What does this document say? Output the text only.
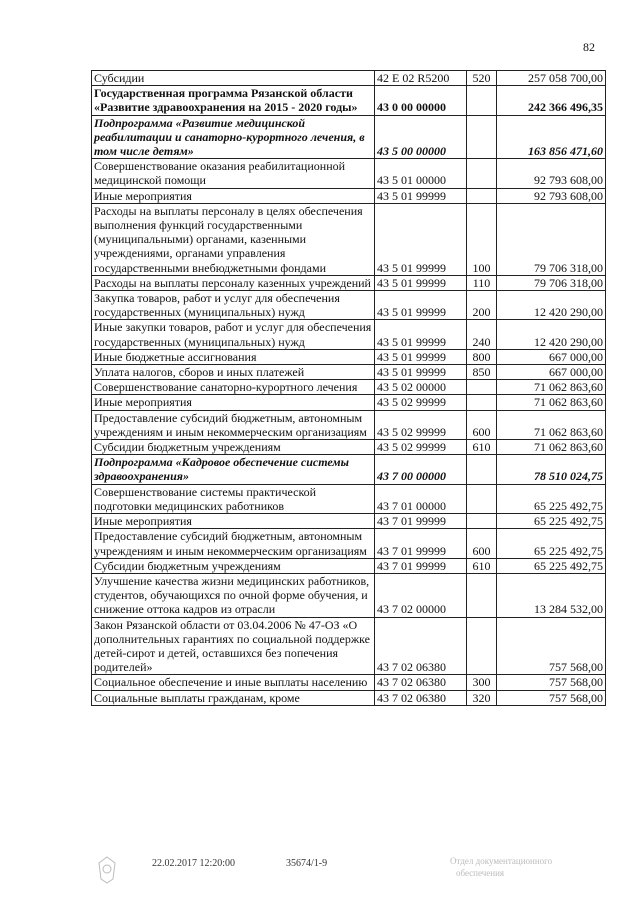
82
Субсидии	42 Е 02 R5200	520	257 058 700,00
Государственная программа Рязанской области «Развитие здравоохранения на 2015 - 2020 годы»	43 0 00 00000		242 366 496,35
Подпрограмма «Развитие медицинской реабилитации и санаторно-курортного лечения, в том числе детям»	43 5 00 00000		163 856 471,60
Совершенствование оказания реабилитационной медицинской помощи	43 5 01 00000		92 793 608,00
Иные мероприятия	43 5 01 99999		92 793 608,00
Расходы на выплаты персоналу в целях обеспечения выполнения функций государственными (муниципальными) органами, казенными учреждениями, органами управления государственными внебюджетными фондами	43 5 01 99999	100	79 706 318,00
Расходы на выплаты персоналу казенных учреждений	43 5 01 99999	110	79 706 318,00
Закупка товаров, работ и услуг для обеспечения государственных (муниципальных) нужд	43 5 01 99999	200	12 420 290,00
Иные закупки товаров, работ и услуг для обеспечения государственных (муниципальных) нужд	43 5 01 99999	240	12 420 290,00
Иные бюджетные ассигнования	43 5 01 99999	800	667 000,00
Уплата налогов, сборов и иных платежей	43 5 01 99999	850	667 000,00
Совершенствование санаторно-курортного лечения	43 5 02 00000		71 062 863,60
Иные мероприятия	43 5 02 99999		71 062 863,60
Предоставление субсидий бюджетным, автономным учреждениям и иным некоммерческим организациям	43 5 02 99999	600	71 062 863,60
Субсидии бюджетным учреждениям	43 5 02 99999	610	71 062 863,60
Подпрограмма «Кадровое обеспечение системы здравоохранения»	43 7 00 00000		78 510 024,75
Совершенствование системы практической подготовки медицинских работников	43 7 01 00000		65 225 492,75
Иные мероприятия	43 7 01 99999		65 225 492,75
Предоставление субсидий бюджетным, автономным учреждениям и иным некоммерческим организациям	43 7 01 99999	600	65 225 492,75
Субсидии бюджетным учреждениям	43 7 01 99999	610	65 225 492,75
Улучшение качества жизни медицинских работников, студентов, обучающихся по очной форме обучения, и снижение оттока кадров из отрасли	43 7 02 00000		13 284 532,00
Закон Рязанской области от 03.04.2006 № 47-ОЗ «О дополнительных гарантиях по социальной поддержке детей-сирот и детей, оставшихся без попечения родителей»	43 7 02 06380		757 568,00
Социальное обеспечение и иные выплаты населению	43 7 02 06380	300	757 568,00
Социальные выплаты гражданам, кроме	43 7 02 06380	320	757 568,00
22.02.2017 12:20:00	35674/1-9	Отдел документационного
обеспечения
